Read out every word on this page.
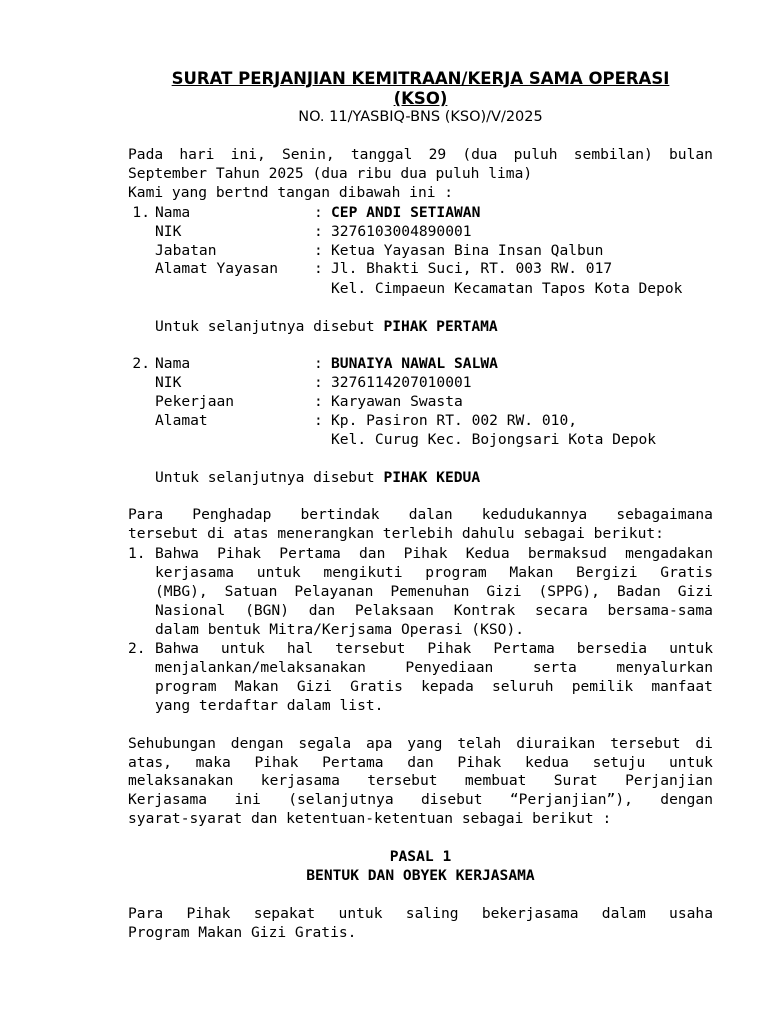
SURAT PERJANJIAN KEMITRAAN/KERJA SAMA OPERASI
(KSO)
NO. 11/YASBIQ-BNS (KSO)/V/2025
Pada hari ini, Senin, tanggal 29 (dua puluh sembilan) bulan
September Tahun 2025 (dua ribu dua puluh lima)
Kami yang bertnd tangan dibawah ini :
1. Nama	: CEP ANDI SETIAWAN
NIK	: 3276103004890001
Jabatan	: Ketua Yayasan Bina Insan Qalbun
Alamat Yayasan : Jl. Bhakti Suci, RT. 003 RW. 017
Kel. Cimpaeun Kecamatan Tapos Kota Depok
Untuk selanjutnya disebut PIHAK PERTAMA
2. Nama	: BUNAIYA NAWAL SALWA
NIK	: 3276114207010001
Pekerjaan	: Karyawan Swasta
Alamat	: Kp. Pasiron RT. 002 RW. 010,
Kel. Curug Kec. Bojongsari Kota Depok
Untuk selanjutnya disebut PIHAK KEDUA
Para Penghadap bertindak dalan kedudukannya sebagaimana
tersebut di atas menerangkan terlebih dahulu sebagai berikut:
1. Bahwa Pihak Pertama dan Pihak Kedua bermaksud mengadakan
kerjasama untuk mengikuti program Makan Bergizi Gratis
(MBG), Satuan Pelayanan Pemenuhan Gizi (SPPG), Badan Gizi
Nasional (BGN) dan Pelaksaan Kontrak secara bersama-sama
dalam bentuk Mitra/Kerjsama Operasi (KSO).
2. Bahwa untuk hal tersebut Pihak Pertama bersedia untuk
menjalankan/melaksanakan	Penyediaan	serta	menyalurkan
program Makan Gizi Gratis kepada seluruh pemilik manfaat
yang terdaftar dalam list.
Sehubungan dengan segala apa yang telah diuraikan tersebut di
atas, maka Pihak Pertama dan Pihak kedua setuju untuk
melaksanakan kerjasama tersebut membuat Surat Perjanjian
Kerjasama ini (selanjutnya disebut “Perjanjian”), dengan
syarat-syarat dan ketentuan-ketentuan sebagai berikut :
PASAL 1
BENTUK DAN OBYEK KERJASAMA
Para Pihak sepakat untuk saling bekerjasama dalam usaha
Program Makan Gizi Gratis.
